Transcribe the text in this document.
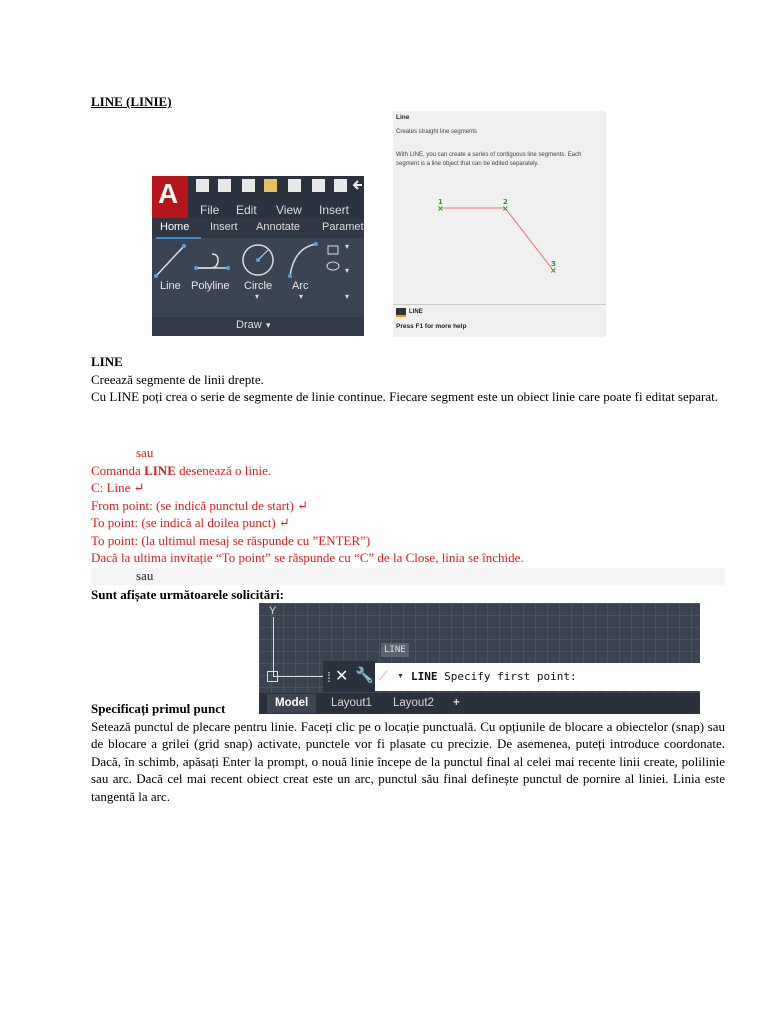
LINE (LINIE)
A
File Edit View Insert
Home Insert Annotate Paramet
Line Polyline Circle Arc
▾	▾
▾
▾
▾
Draw ▾
Line
Creates straight line segments
With LINE, you can create a series of contiguous line segments. Each segment is a line object that can be edited separately.
×
1
×
2
×
3
LINE
Press F1 for more help
LINE
Creează segmente de linii drepte.
Cu LINE poți crea o serie de segmente de linie continue. Fiecare segment este un obiect linie care poate fi editat separat.
sau
Comanda LINE desenează o linie.
C: Line ↵
From point: (se indică punctul de start) ↵
To point: (se indică al doilea punct) ↵
To point: (la ultimul mesaj se răspunde cu ”ENTER”)
Dacă la ultima invitație “To point” se răspunde cu “C” de la Close, linia se închide.
sau
Sunt afișate următoarele solicitări:
Y
LINE
⁞ ✕ 🔧 ⟋ ▼ LINE Specify first point:
Model	Layout1	Layout2	+
Specificați primul punct
Setează punctul de plecare pentru linie. Faceți clic pe o locație punctuală. Cu opțiunile de blocare a obiectelor (snap) sau de blocare a grilei (grid snap) activate, punctele vor fi plasate cu precizie. De asemenea, puteți introduce coordonate. Dacă, în schimb, apăsați Enter la prompt, o nouă linie începe de la punctul final al celei mai recente linii create, polilinie sau arc. Dacă cel mai recent obiect creat este un arc, punctul său final definește punctul de pornire al liniei. Linia este tangentă la arc.
